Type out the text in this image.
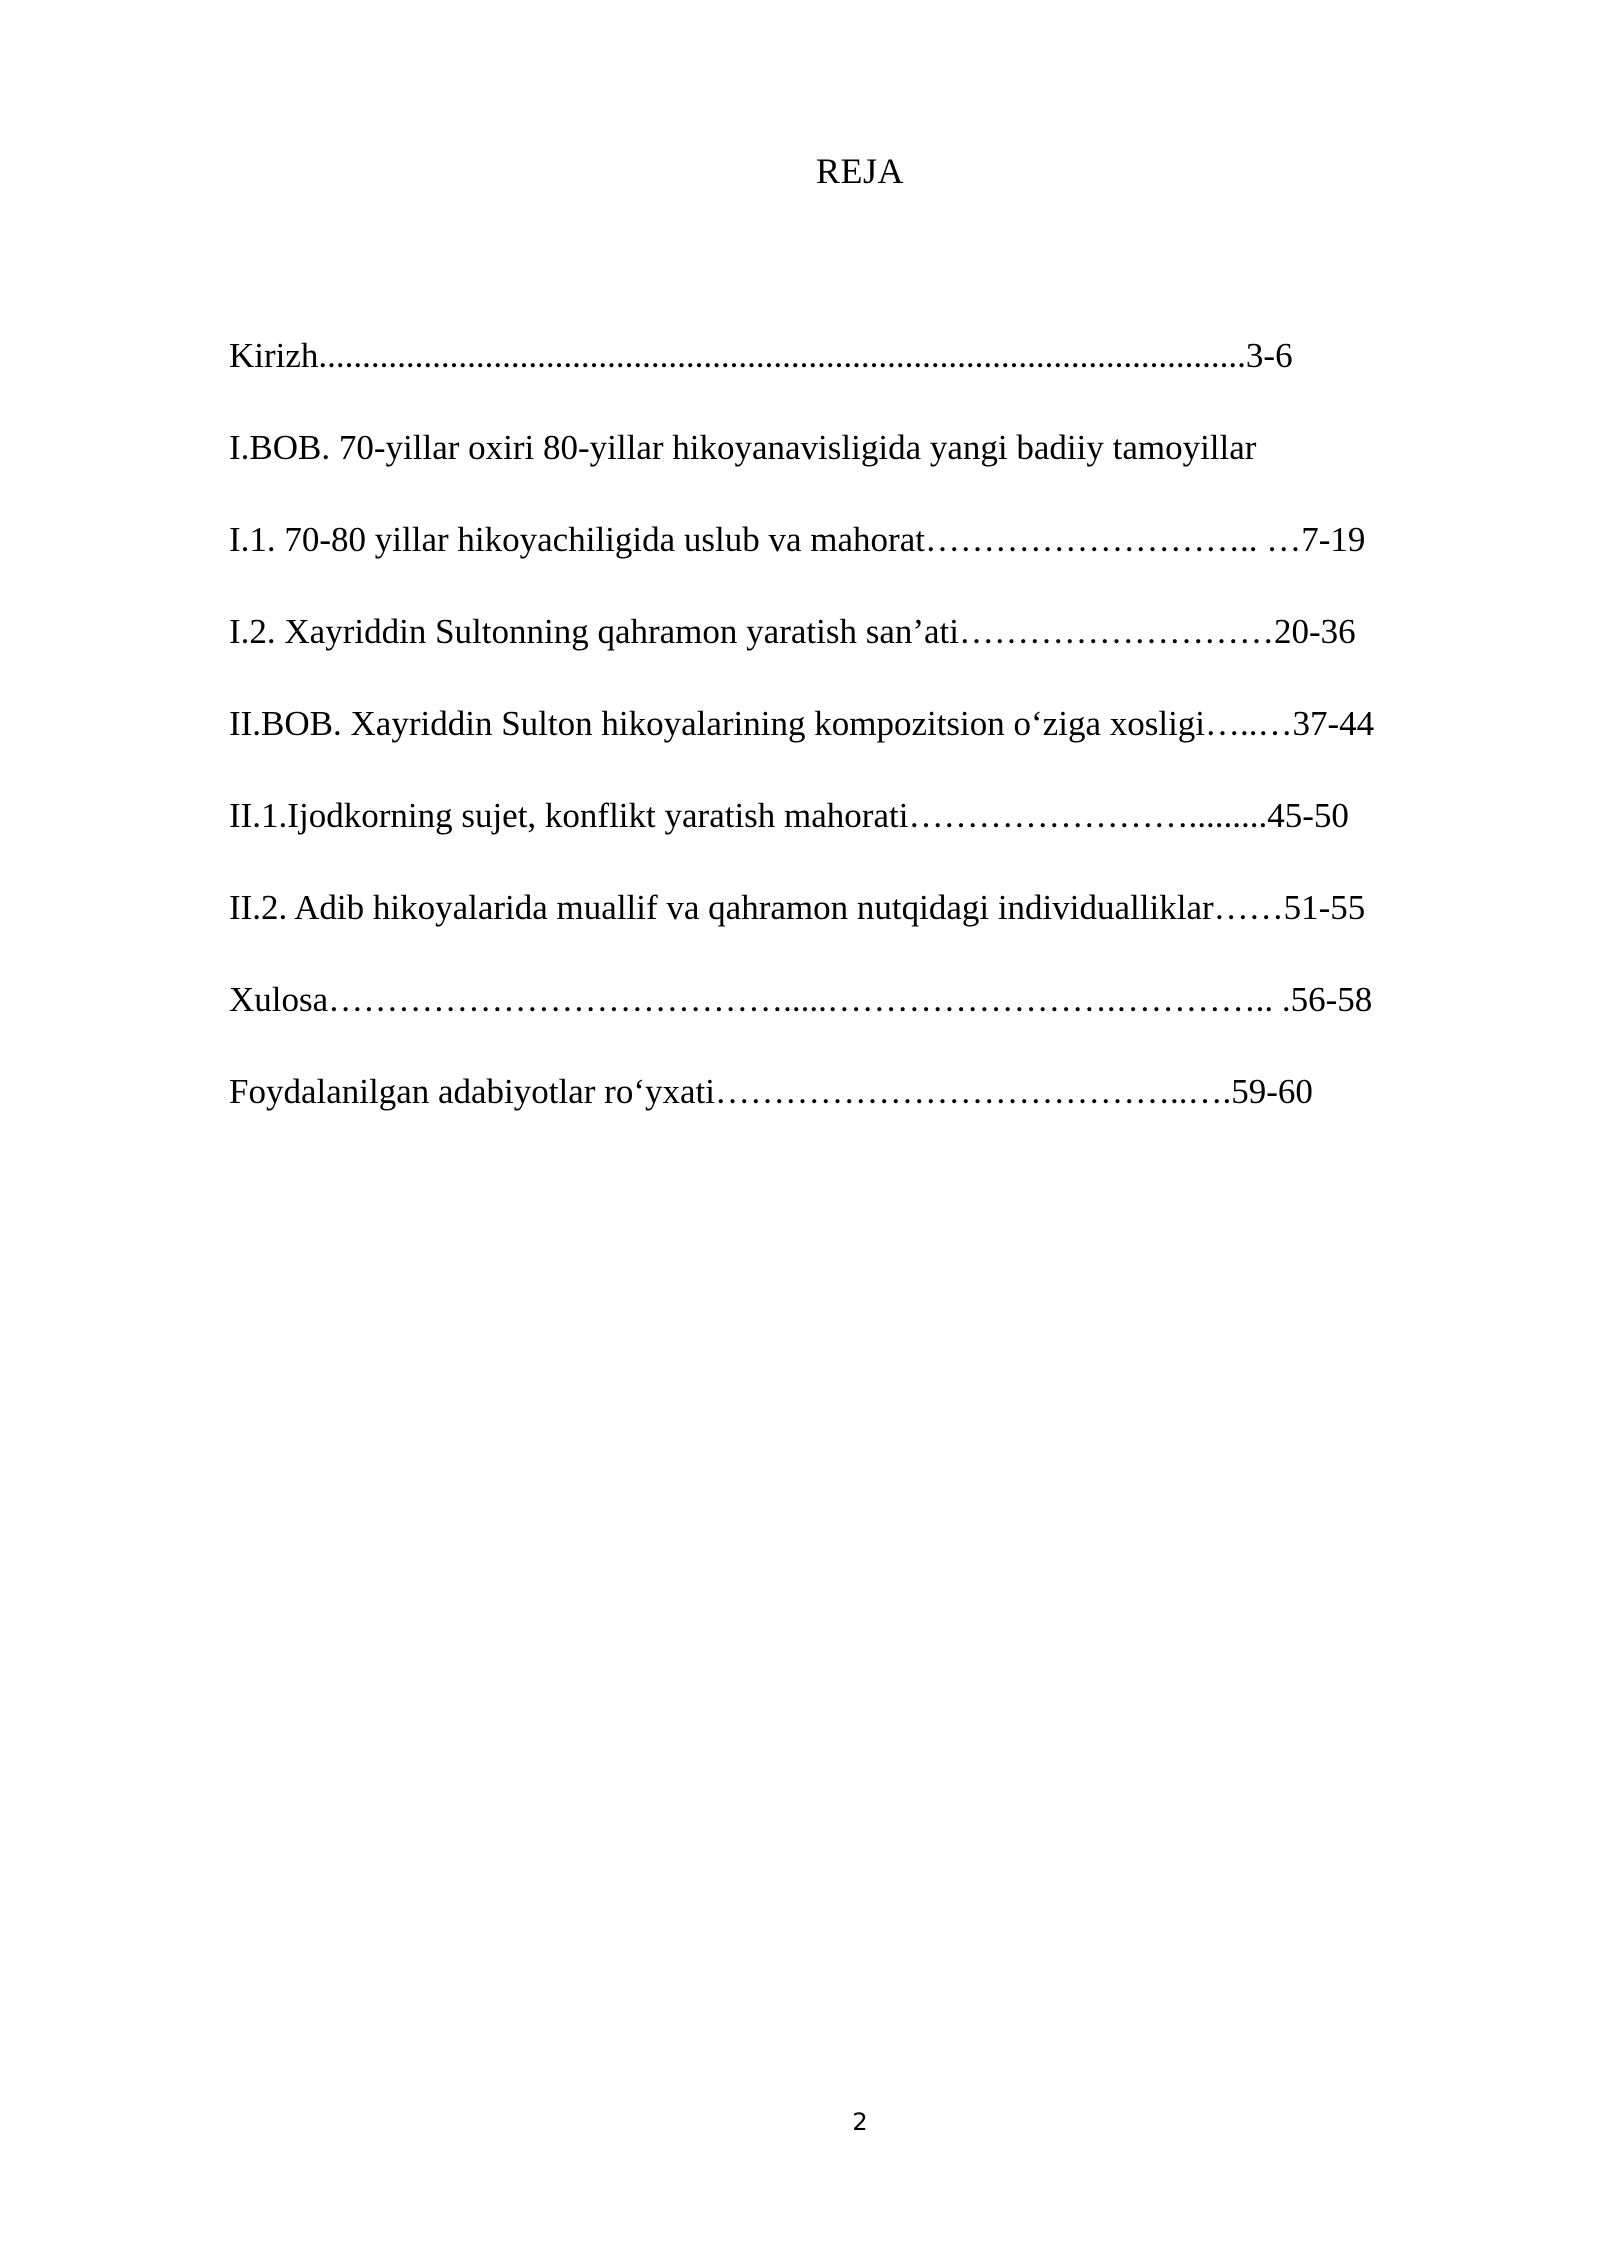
REJA
Kirizh..........................................................................................................3-6
I.BOB. 70-yillar oxiri 80-yillar hikoyanavisligida yangi badiiy tamoyillar
I.1. 70-80 yillar hikoyachiligida uslub va mahorat……………………….. …7-19
I.2. Xayriddin Sultonning qahramon yaratish san’ati………………………20-36
II.BOB. Xayriddin Sulton hikoyalarining kompozitsion o‘ziga xosligi…..…37-44
II.1.Ijodkorning sujet, konflikt yaratish mahorati…………………….........45-50
II.2. Adib hikoyalarida muallif va qahramon nutqidagi individualliklar……51-55
Xulosa………………………………….....…………………….………….. .56-58
Foydalanilgan adabiyotlar ro‘yxati…………………………………..….59-60
2
